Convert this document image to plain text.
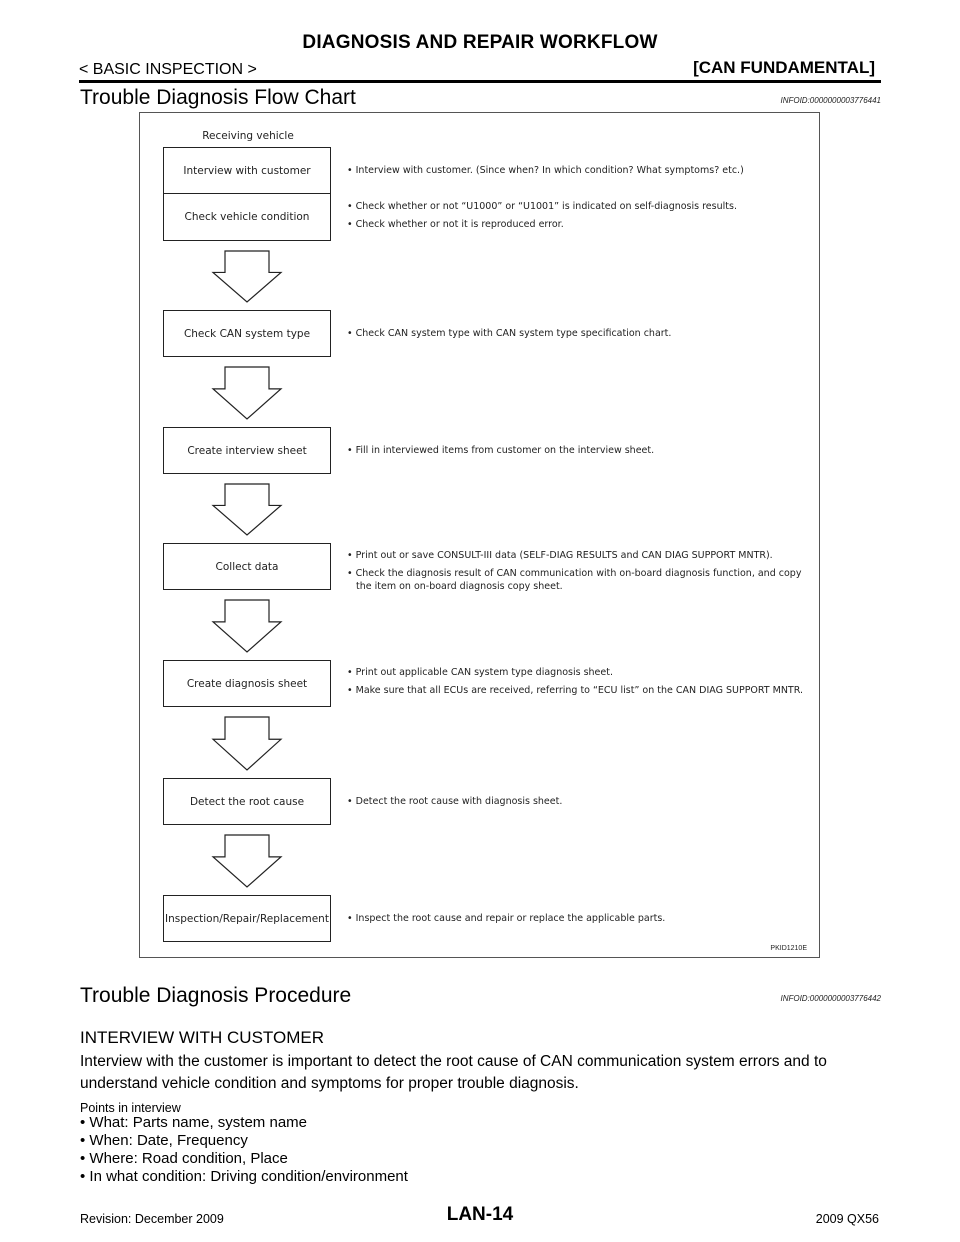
DIAGNOSIS AND REPAIR WORKFLOW
< BASIC INSPECTION >	[CAN FUNDAMENTAL]
Trouble Diagnosis Flow Chart	INFOID:0000000003776441
Receiving vehicle
Interview with customer	• Interview with customer. (Since when? In which condition? What symptoms? etc.)
Check vehicle condition
• Check whether or not “U1000” or “U1001” is indicated on self-diagnosis results.
• Check whether or not it is reproduced error.
Check CAN system type	• Check CAN system type with CAN system type specification chart.
Create interview sheet	• Fill in interviewed items from customer on the interview sheet.
Collect data
• Print out or save CONSULT-III data (SELF-DIAG RESULTS and CAN DIAG SUPPORT MNTR).
• Check the diagnosis result of CAN communication with on-board diagnosis function, and copy the item on on-board diagnosis copy sheet.
Create diagnosis sheet
• Print out applicable CAN system type diagnosis sheet.
• Make sure that all ECUs are received, referring to “ECU list” on the CAN DIAG SUPPORT MNTR.
Detect the root cause	• Detect the root cause with diagnosis sheet.
Inspection/Repair/Replacement • Inspect the root cause and repair or replace the applicable parts.
PKID1210E
Trouble Diagnosis Procedure	INFOID:0000000003776442
INTERVIEW WITH CUSTOMER
Interview with the customer is important to detect the root cause of CAN communication system errors and to understand vehicle condition and symptoms for proper trouble diagnosis.
Points in interview
• What: Parts name, system name
• When: Date, Frequency
• Where: Road condition, Place
• In what condition: Driving condition/environment
LAN-14
Revision: December 2009	2009 QX56
